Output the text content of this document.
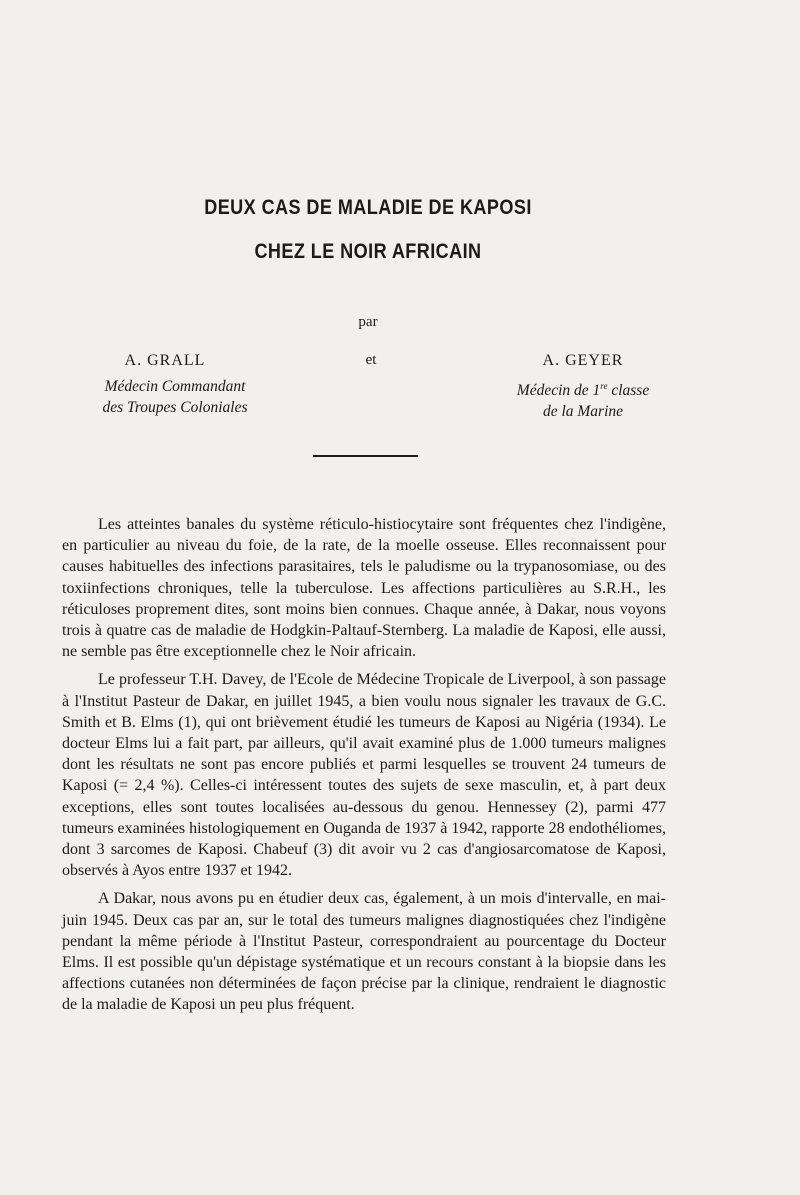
DEUX CAS DE MALADIE DE KAPOSI
CHEZ LE NOIR AFRICAIN
par
A. GRALL	et	A. GEYER
Médecin Commandant
des Troupes Coloniales
Médecin de 1re classe
de la Marine

Les atteintes banales du système réticulo-histiocytaire sont fréquentes chez l'indigène, en particulier au niveau du foie, de la rate, de la moelle osseuse. Elles reconnaissent pour causes habituelles des infections parasitaires, tels le paludisme ou la trypanosomiase, ou des toxiinfections chroniques, telle la tuberculose. Les affections particulières au S.R.H., les réticuloses proprement dites, sont moins bien connues. Chaque année, à Dakar, nous voyons trois à quatre cas de maladie de Hodgkin-Paltauf-Sternberg. La maladie de Kaposi, elle aussi, ne semble pas être exceptionnelle chez le Noir africain.

Le professeur T.H. Davey, de l'Ecole de Médecine Tropicale de Liverpool, à son passage à l'Institut Pasteur de Dakar, en juillet 1945, a bien voulu nous signaler les travaux de G.C. Smith et B. Elms (1), qui ont brièvement étudié les tumeurs de Kaposi au Nigéria (1934). Le docteur Elms lui a fait part, par ailleurs, qu'il avait examiné plus de 1.000 tumeurs malignes dont les résultats ne sont pas encore publiés et parmi lesquelles se trouvent 24 tumeurs de Kaposi (= 2,4 %). Celles-ci intéressent toutes des sujets de sexe masculin, et, à part deux exceptions, elles sont toutes localisées au-dessous du genou. Hennessey (2), parmi 477 tumeurs examinées histologiquement en Ouganda de 1937 à 1942, rapporte 28 endothéliomes, dont 3 sarcomes de Kaposi. Chabeuf (3) dit avoir vu 2 cas d'angiosarcomatose de Kaposi, observés à Ayos entre 1937 et 1942.

A Dakar, nous avons pu en étudier deux cas, également, à un mois d'intervalle, en mai-juin 1945. Deux cas par an, sur le total des tumeurs malignes diagnostiquées chez l'indigène pendant la même période à l'Institut Pasteur, correspondraient au pourcentage du Docteur Elms. Il est possible qu'un dépistage systématique et un recours constant à la biopsie dans les affections cutanées non déterminées de façon précise par la clinique, rendraient le diagnostic de la maladie de Kaposi un peu plus fréquent.
